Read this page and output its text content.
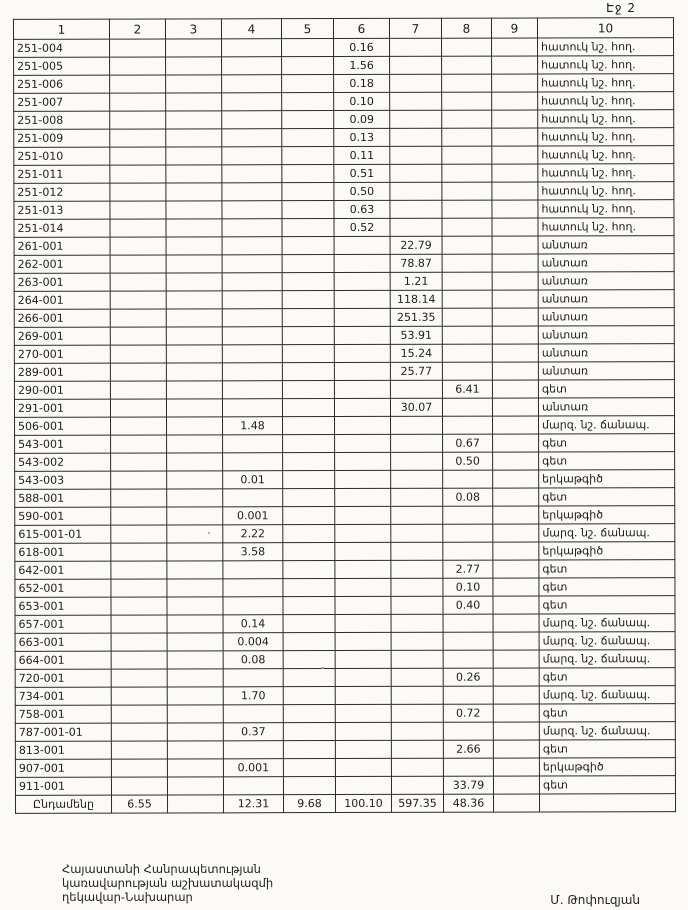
Էջ 2
1	2	3	4	5	6	7	8	9	10
251-004					0.16				հատուկ նշ. հող.
251-005					1.56				հատուկ նշ. հող.
251-006					0.18				հատուկ նշ. հող.
251-007					0.10				հատուկ նշ. հող.
251-008					0.09				հատուկ նշ. հող.
251-009					0.13				հատուկ նշ. հող.
251-010					0.11				հատուկ նշ. հող.
251-011					0.51				հատուկ նշ. հող.
251-012					0.50				հատուկ նշ. հող.
251-013					0.63				հատուկ նշ. հող.
251-014					0.52				հատուկ նշ. հող.
261-001						22.79			անտառ
262-001						78.87			անտառ
263-001						1.21			անտառ
264-001						118.14			անտառ
266-001						251.35			անտառ
269-001						53.91			անտառ
270-001						15.24			անտառ
289-001						25.77			անտառ
290-001							6.41		գետ
291-001						30.07			անտառ
506-001			1.48						մարզ. նշ. ճանապ.
543-001							0.67		գետ
543-002							0.50		գետ
543-003			0.01						երկաթգիծ
588-001							0.08		գետ
590-001			0.001						երկաթգիծ
615-001-01			2.22						մարզ. նշ. ճանապ.
618-001			3.58						երկաթգիծ
642-001							2.77		գետ
652-001							0.10		գետ
653-001							0.40		գետ
657-001			0.14						մարզ. նշ. ճանապ.
663-001			0.004						մարզ. նշ. ճանապ.
664-001			0.08						մարզ. նշ. ճանապ.
720-001							0.26		գետ
734-001			1.70						մարզ. նշ. ճանապ.
758-001							0.72		գետ
787-001-01			0.37						մարզ. նշ. ճանապ.
813-001							2.66		գետ
907-001			0.001						երկաթգիծ
911-001							33.79		գետ
Ընդամենը	6.55		12.31	9.68	100.10	597.35	48.36		
Հայաստանի Հանրապետության
կառավարության աշխատակազմի
ղեկավար-Նախարար	Մ. Թոփուզյան
